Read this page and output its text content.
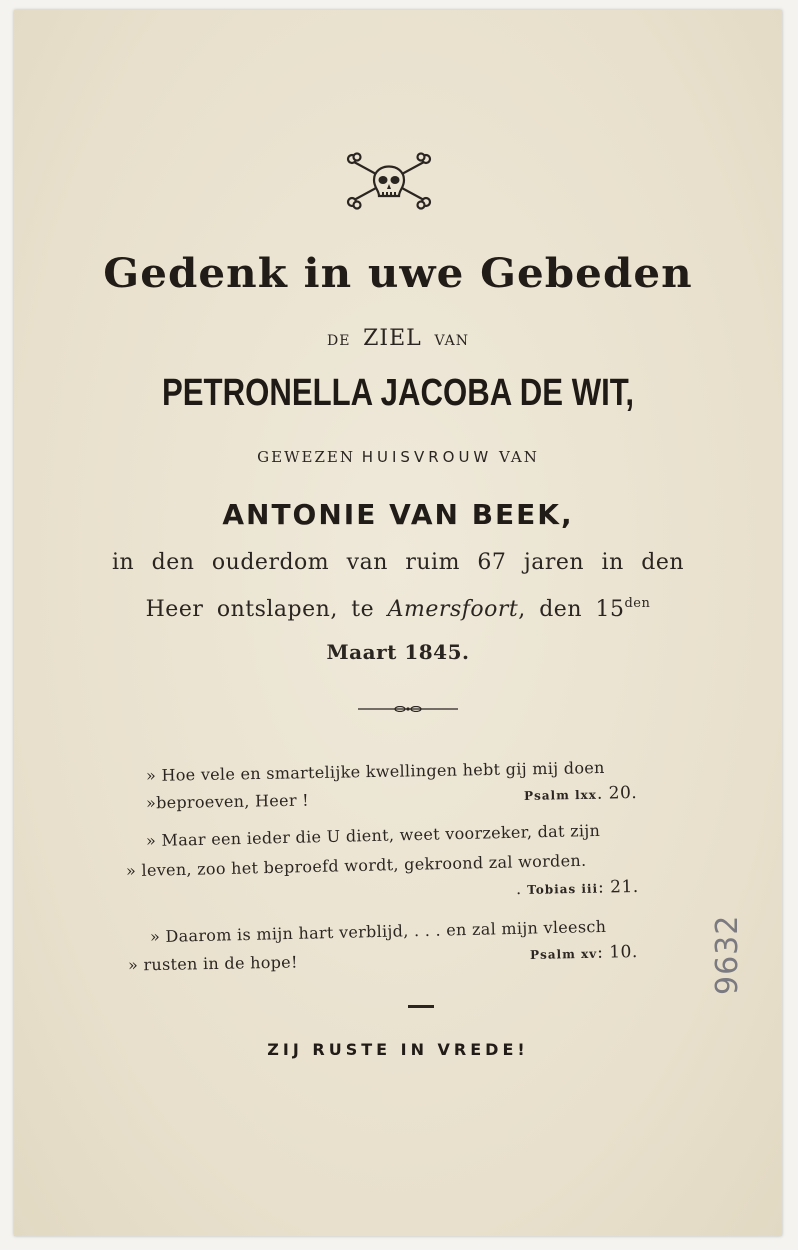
Gedenk in uwe Gebeden
DE ZIEL VAN
PETRONELLA JACOBA DE WIT,
GEWEZEN HUISVROUW VAN
ANTONIE VAN BEEK,
in den ouderdom van ruim 67 jaren in den
Heer ontslapen, te Amersfoort, den $15^{den}$
Maart 1845.
» Hoe vele en smartelijke kwellingen hebt gij mij doen
»beproeven, Heer !	Psalm lxx. 20.
» Maar een ieder die U dient, weet voorzeker, dat zijn
» leven, zoo het beproefd wordt, gekroond zal worden.
. Tobias iii: 21.
» Daarom is mijn hart verblijd, . . . en zal mijn vleesch
» rusten in de hope!	Psalm xv: 10.
ZIJ RUSTE IN VREDE!
9632
